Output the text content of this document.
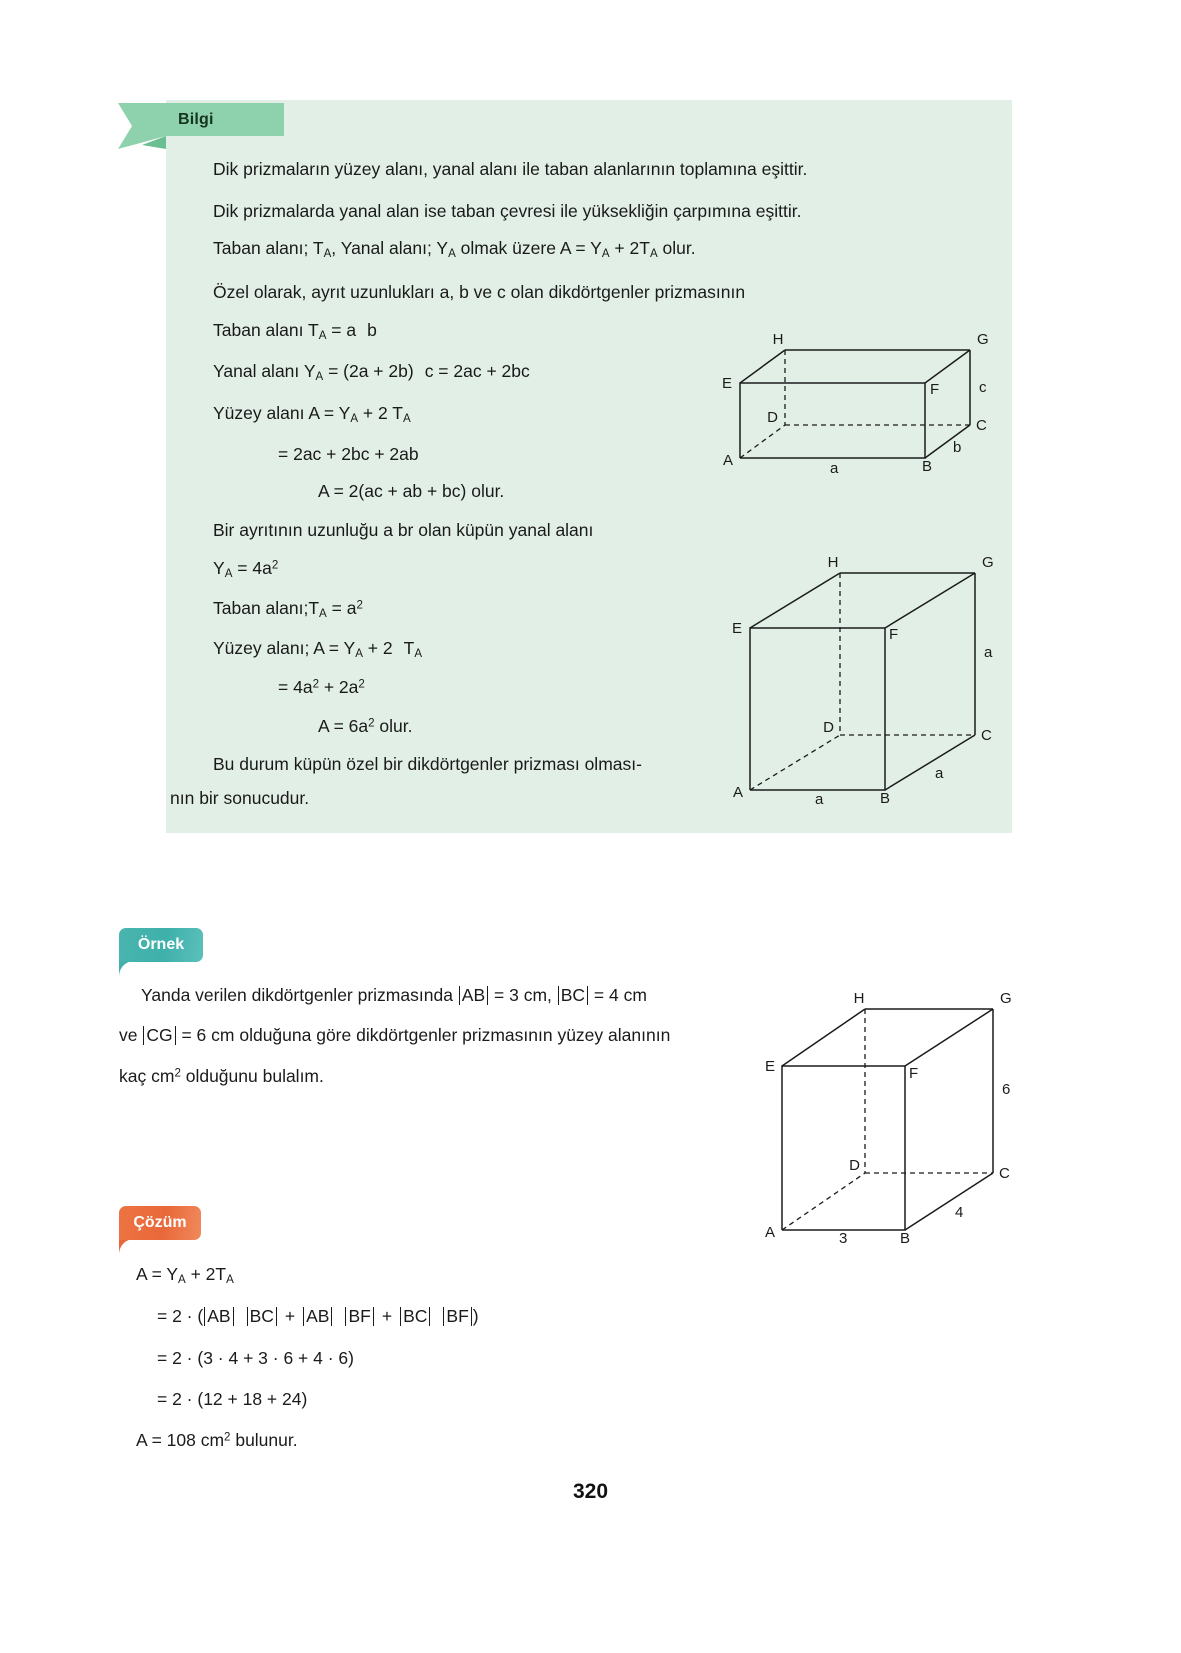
Bilgi
Dik prizmaların yüzey alanı, yanal alanı ile taban alanlarının toplamına eşittir.
Dik prizmalarda yanal alan ise taban çevresi ile yüksekliğin çarpımına eşittir.
Taban alanı; $T_A$, Yanal alanı; $Y_A$ olmak üzere $A = Y_A + 2T_A$ olur.
Özel olarak, ayrıt uzunlukları a, b ve c olan dikdörtgenler prizmasının
Taban alanı $T_A = a$ b
Yanal alanı $Y_A = (2a + 2b) c = 2ac + 2bc$
Yüzey alanı $A = Y_A + 2$ $T_A$
= 2ac + 2bc + 2ab
A = 2(ac + ab + bc) olur.
Bir ayrıtının uzunluğu a br olan küpün yanal alanı
$Y_A = 4a^2$
Taban $alanı;T_A = a^2$
Yüzey alanı; $A = Y_A + 2$ $T_A$
= $4a^2 + 2a^2$
$A = 6a^2$ olur.
Bu durum küpün özel bir dikdörtgenler prizması olması-
nın bir sonucudur.
H	G
E	F
D	C
A	B
c
b
a
H	G
E	F
D	C
A	B
a
a
a
Örnek
Yanda verilen dikdörtgenler prizmasında AB = 3 cm, BC = 4 cm
ve CG = 6 cm olduğuna göre dikdörtgenler prizmasının yüzey alanının
kaç $cm^2$ olduğunu bulalım.
H	G
E	F
D	C
A	B
6
4
3
Çözüm
$A = Y_A + 2T_A$
= 2 · ( AB BC + AB BF + BC BF )
= 2 · (3 · 4 + 3 · 6 + 4 · 6)
= 2 · (12 + 18 + 24)
A = 108 $cm^2$ bulunur.
320
